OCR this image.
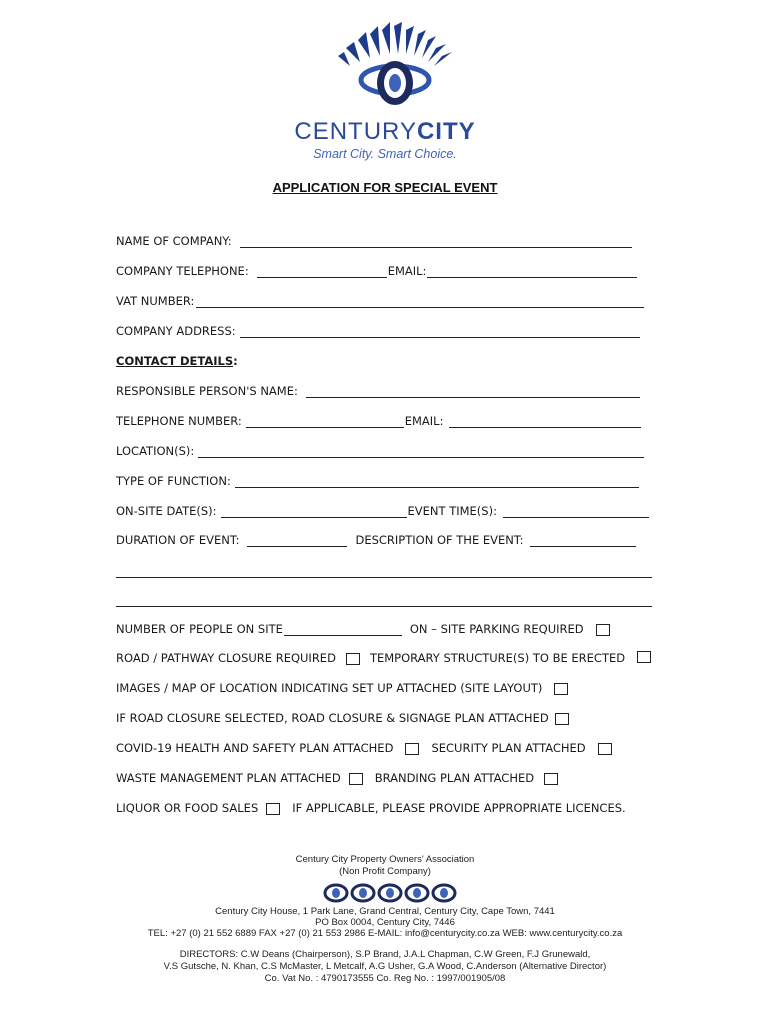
CENTURYCITY
Smart City. Smart Choice.
APPLICATION FOR SPECIAL EVENT
NAME OF COMPANY:
COMPANY TELEPHONE:	EMAIL:
VAT NUMBER:
COMPANY ADDRESS:
CONTACT DETAILS :
RESPONSIBLE PERSON'S NAME:
TELEPHONE NUMBER:	EMAIL:
LOCATION(S):
TYPE OF FUNCTION:
ON-SITE DATE(S):	EVENT TIME(S):
DURATION OF EVENT:	DESCRIPTION OF THE EVENT:
NUMBER OF PEOPLE ON SITE	ON – SITE PARKING REQUIRED
ROAD / PATHWAY CLOSURE REQUIRED	TEMPORARY STRUCTURE(S) TO BE ERECTED
IMAGES / MAP OF LOCATION INDICATING SET UP ATTACHED (SITE LAYOUT)
IF ROAD CLOSURE SELECTED, ROAD CLOSURE & SIGNAGE PLAN ATTACHED
COVID-19 HEALTH AND SAFETY PLAN ATTACHED	SECURITY PLAN ATTACHED
WASTE MANAGEMENT PLAN ATTACHED	BRANDING PLAN ATTACHED
LIQUOR OR FOOD SALES	IF APPLICABLE, PLEASE PROVIDE APPROPRIATE LICENCES.
Century City Property Owners' Association
(Non Profit Company)
Century City House, 1 Park Lane, Grand Central, Century City, Cape Town, 7441
PO Box 0004, Century City, 7446
TEL: +27 (0) 21 552 6889 FAX +27 (0) 21 553 2986 E-MAIL: info@centurycity.co.za WEB: www.centurycity.co.za
DIRECTORS: C.W Deans (Chairperson), S.P Brand, J.A.L Chapman, C.W Green, F.J Grunewald,
V.S Gutsche, N. Khan, C.S McMaster, L Metcalf, A.G Usher, G.A Wood, C.Anderson (Alternative Director)
Co. Vat No. : 4790173555 Co. Reg No. : 1997/001905/08
